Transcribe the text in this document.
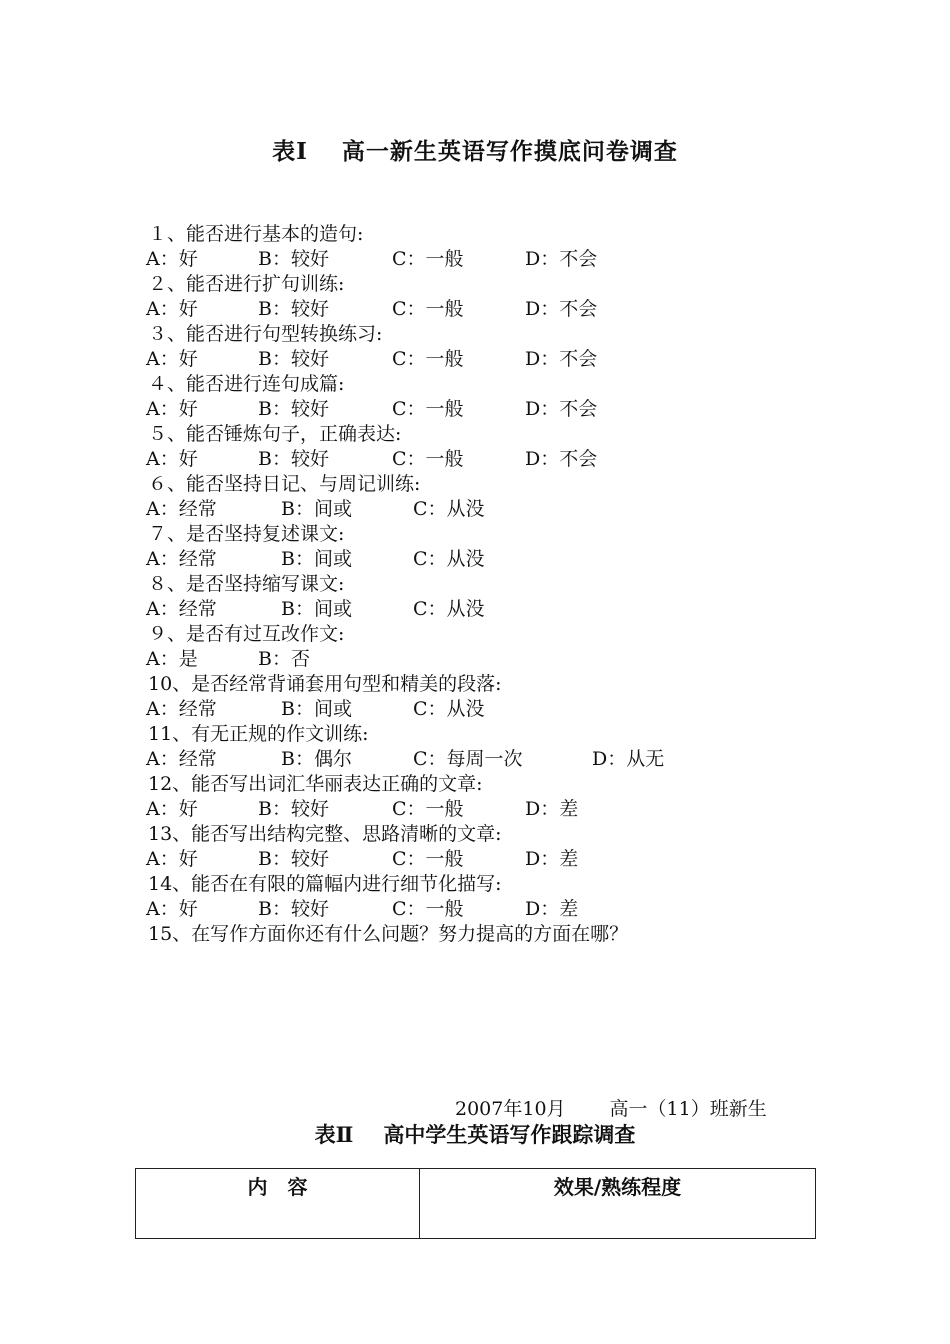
表Ⅰ 高一新生英语写作摸底问卷调查
１、能否进行基本的造句:
A：好	B：较好	C：一般	D：不会
２、能否进行扩句训练:
A：好	B：较好	C：一般	D：不会
３、能否进行句型转换练习:
A：好	B：较好	C：一般	D：不会
４、能否进行连句成篇:
A：好	B：较好	C：一般	D：不会
５、能否锤炼句子，正确表达:
A：好	B：较好	C：一般	D：不会
６、能否坚持日记、与周记训练:
A：经常	B：间或	C：从没
７、是否坚持复述课文:
A：经常	B：间或	C：从没
８、是否坚持缩写课文:
A：经常	B：间或	C：从没
９、是否有过互改作文:
A：是	B：否
10、是否经常背诵套用句型和精美的段落:
A：经常	B：间或	C：从没
11、有无正规的作文训练:
A：经常	B：偶尔	C：每周一次	D：从无
12、能否写出词汇华丽表达正确的文章:
A：好	B：较好	C：一般	D：差
13、能否写出结构完整、思路清晰的文章:
A：好	B：较好	C：一般	D：差
14、能否在有限的篇幅内进行细节化描写:
A：好	B：较好	C：一般	D：差
15、在写作方面你还有什么问题？努力提高的方面在哪？
2007年10月 高一（11）班新生
表Ⅱ 高中学生英语写作跟踪调查
内　容	效果/熟练程度
